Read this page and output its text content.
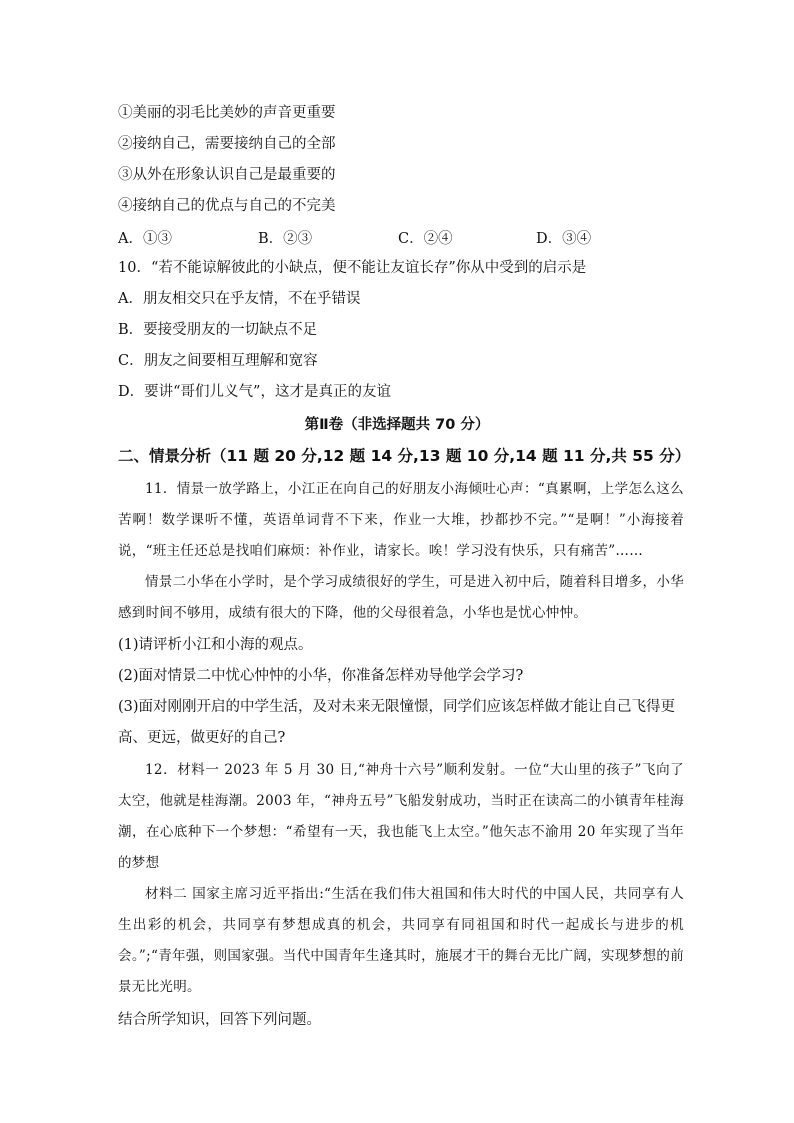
①美丽的羽毛比美妙的声音更重要
②接纳自己，需要接纳自己的全部
③从外在形象认识自己是最重要的
④接纳自己的优点与自己的不完美
A．①③	B．②③	C．②④	D．③④
10．“若不能谅解彼此的小缺点，便不能让友谊长存”你从中受到的启示是
A．朋友相交只在乎友情，不在乎错误
B．要接受朋友的一切缺点不足
C．朋友之间要相互理解和宽容
D．要讲“哥们儿义气”，这才是真正的友谊
第Ⅱ卷（非选择题共 70 分）
二、情景分析（11 题 20 分,12 题 14 分,13 题 10 分,14 题 11 分,共 55 分）
11．情景一放学路上，小江正在向自己的好朋友小海倾吐心声：“真累啊，上学怎么这么苦啊！数学课听不懂，英语单词背不下来，作业一大堆，抄都抄不完。”“是啊！”小海接着说，“班主任还总是找咱们麻烦：补作业，请家长。唉！学习没有快乐，只有痛苦”……
情景二小华在小学时，是个学习成绩很好的学生，可是进入初中后，随着科目增多，小华感到时间不够用，成绩有很大的下降，他的父母很着急，小华也是忧心忡忡。
(1)请评析小江和小海的观点。
(2)面对情景二中忧心忡忡的小华，你准备怎样劝导他学会学习?
(3)面对刚刚开启的中学生活，及对未来无限憧憬，同学们应该怎样做才能让自己飞得更高、更远，做更好的自己?
12．材料一 2023 年 5 月 30 日,“神舟十六号”顺利发射。一位“大山里的孩子”飞向了太空，他就是桂海潮。2003 年，“神舟五号”飞船发射成功，当时正在读高二的小镇青年桂海潮，在心底种下一个梦想：“希望有一天，我也能飞上太空。”他矢志不渝用 20 年实现了当年的梦想
材料二 国家主席习近平指出:“生活在我们伟大祖国和伟大时代的中国人民，共同享有人生出彩的机会，共同享有梦想成真的机会，共同享有同祖国和时代一起成长与进步的机会。”;“青年强，则国家强。当代中国青年生逢其时，施展才干的舞台无比广阔，实现梦想的前景无比光明。
结合所学知识，回答下列问题。
